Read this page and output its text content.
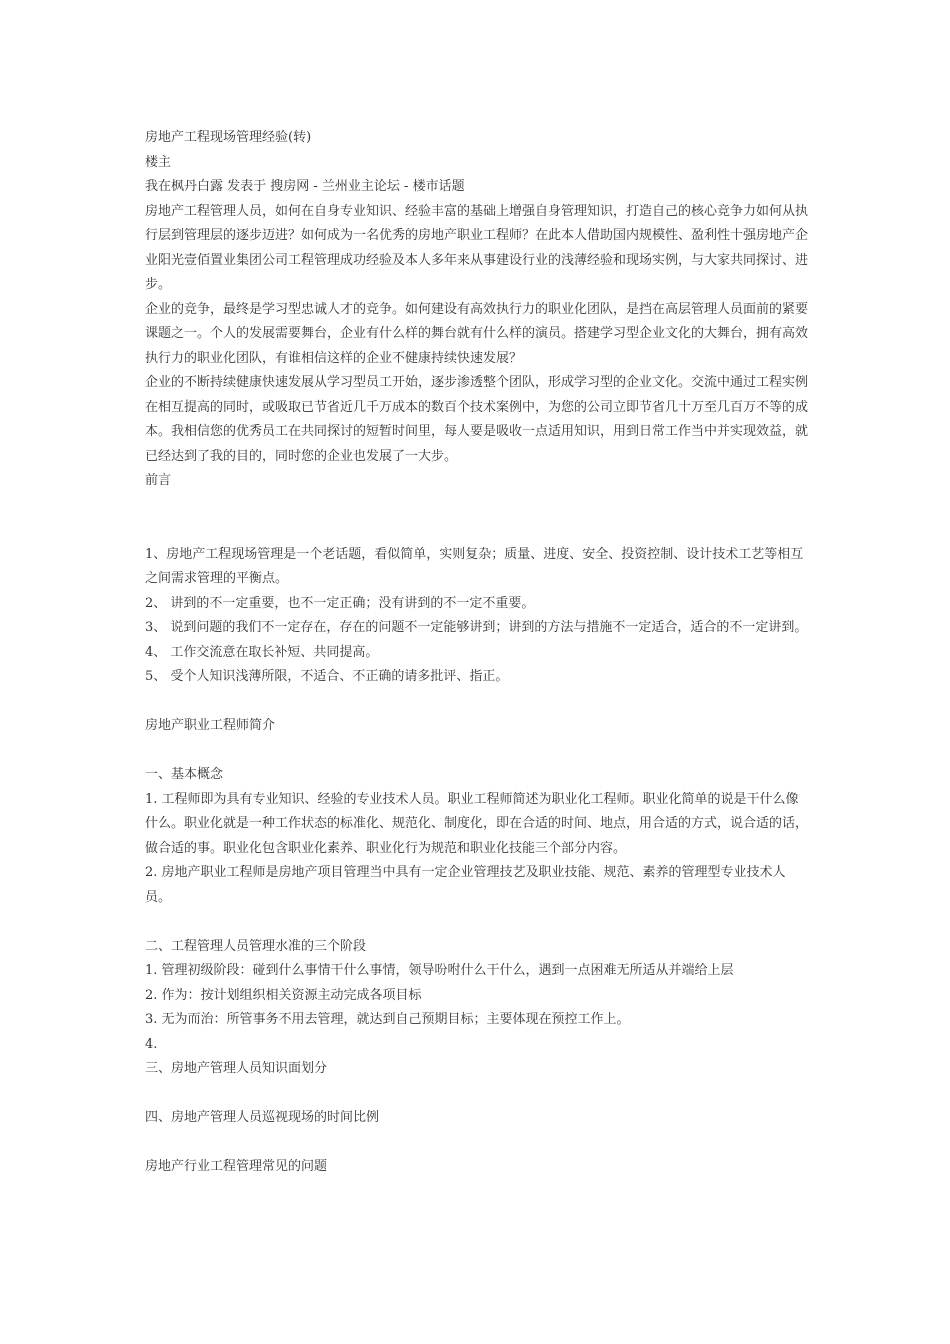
房地产工程现场管理经验(转)

楼主

我在枫丹白露 发表于 搜房网 - 兰州业主论坛 - 楼市话题

房地产工程管理人员，如何在自身专业知识、经验丰富的基础上增强自身管理知识，打造自己的核心竞争力如何从执行层到管理层的逐步迈进？如何成为一名优秀的房地产职业工程师？在此本人借助国内规模性、盈利性十强房地产企业阳光壹佰置业集团公司工程管理成功经验及本人多年来从事建设行业的浅薄经验和现场实例，与大家共同探讨、进步。

企业的竞争，最终是学习型忠诚人才的竞争。如何建设有高效执行力的职业化团队，是挡在高层管理人员面前的紧要课题之一。个人的发展需要舞台，企业有什么样的舞台就有什么样的演员。搭建学习型企业文化的大舞台，拥有高效执行力的职业化团队，有谁相信这样的企业不健康持续快速发展？

企业的不断持续健康快速发展从学习型员工开始，逐步渗透整个团队，形成学习型的企业文化。交流中通过工程实例在相互提高的同时，或吸取已节省近几千万成本的数百个技术案例中，为您的公司立即节省几十万至几百万不等的成本。我相信您的优秀员工在共同探讨的短暂时间里，每人要是吸收一点适用知识，用到日常工作当中并实现效益，就已经达到了我的目的，同时您的企业也发展了一大步。

前言

1、房地产工程现场管理是一个老话题，看似简单，实则复杂；质量、进度、安全、投资控制、设计技术工艺等相互之间需求管理的平衡点。

2、 讲到的不一定重要，也不一定正确；没有讲到的不一定不重要。

3、 说到问题的我们不一定存在，存在的问题不一定能够讲到；讲到的方法与措施不一定适合，适合的不一定讲到。

4、 工作交流意在取长补短、共同提高。

5、 受个人知识浅薄所限，不适合、不正确的请多批评、指正。

房地产职业工程师简介

一、基本概念

1. 工程师即为具有专业知识、经验的专业技术人员。职业工程师简述为职业化工程师。职业化简单的说是干什么像什么。职业化就是一种工作状态的标准化、规范化、制度化，即在合适的时间、地点，用合适的方式，说合适的话，做合适的事。职业化包含职业化素养、职业化行为规范和职业化技能三个部分内容。

2. 房地产职业工程师是房地产项目管理当中具有一定企业管理技艺及职业技能、规范、素养的管理型专业技术人员。

二、工程管理人员管理水准的三个阶段

1. 管理初级阶段：碰到什么事情干什么事情，领导吩咐什么干什么，遇到一点困难无所适从并端给上层

2. 作为：按计划组织相关资源主动完成各项目标

3. 无为而治：所管事务不用去管理，就达到自己预期目标；主要体现在预控工作上。

4.

三、房地产管理人员知识面划分

四、房地产管理人员巡视现场的时间比例

房地产行业工程管理常见的问题
